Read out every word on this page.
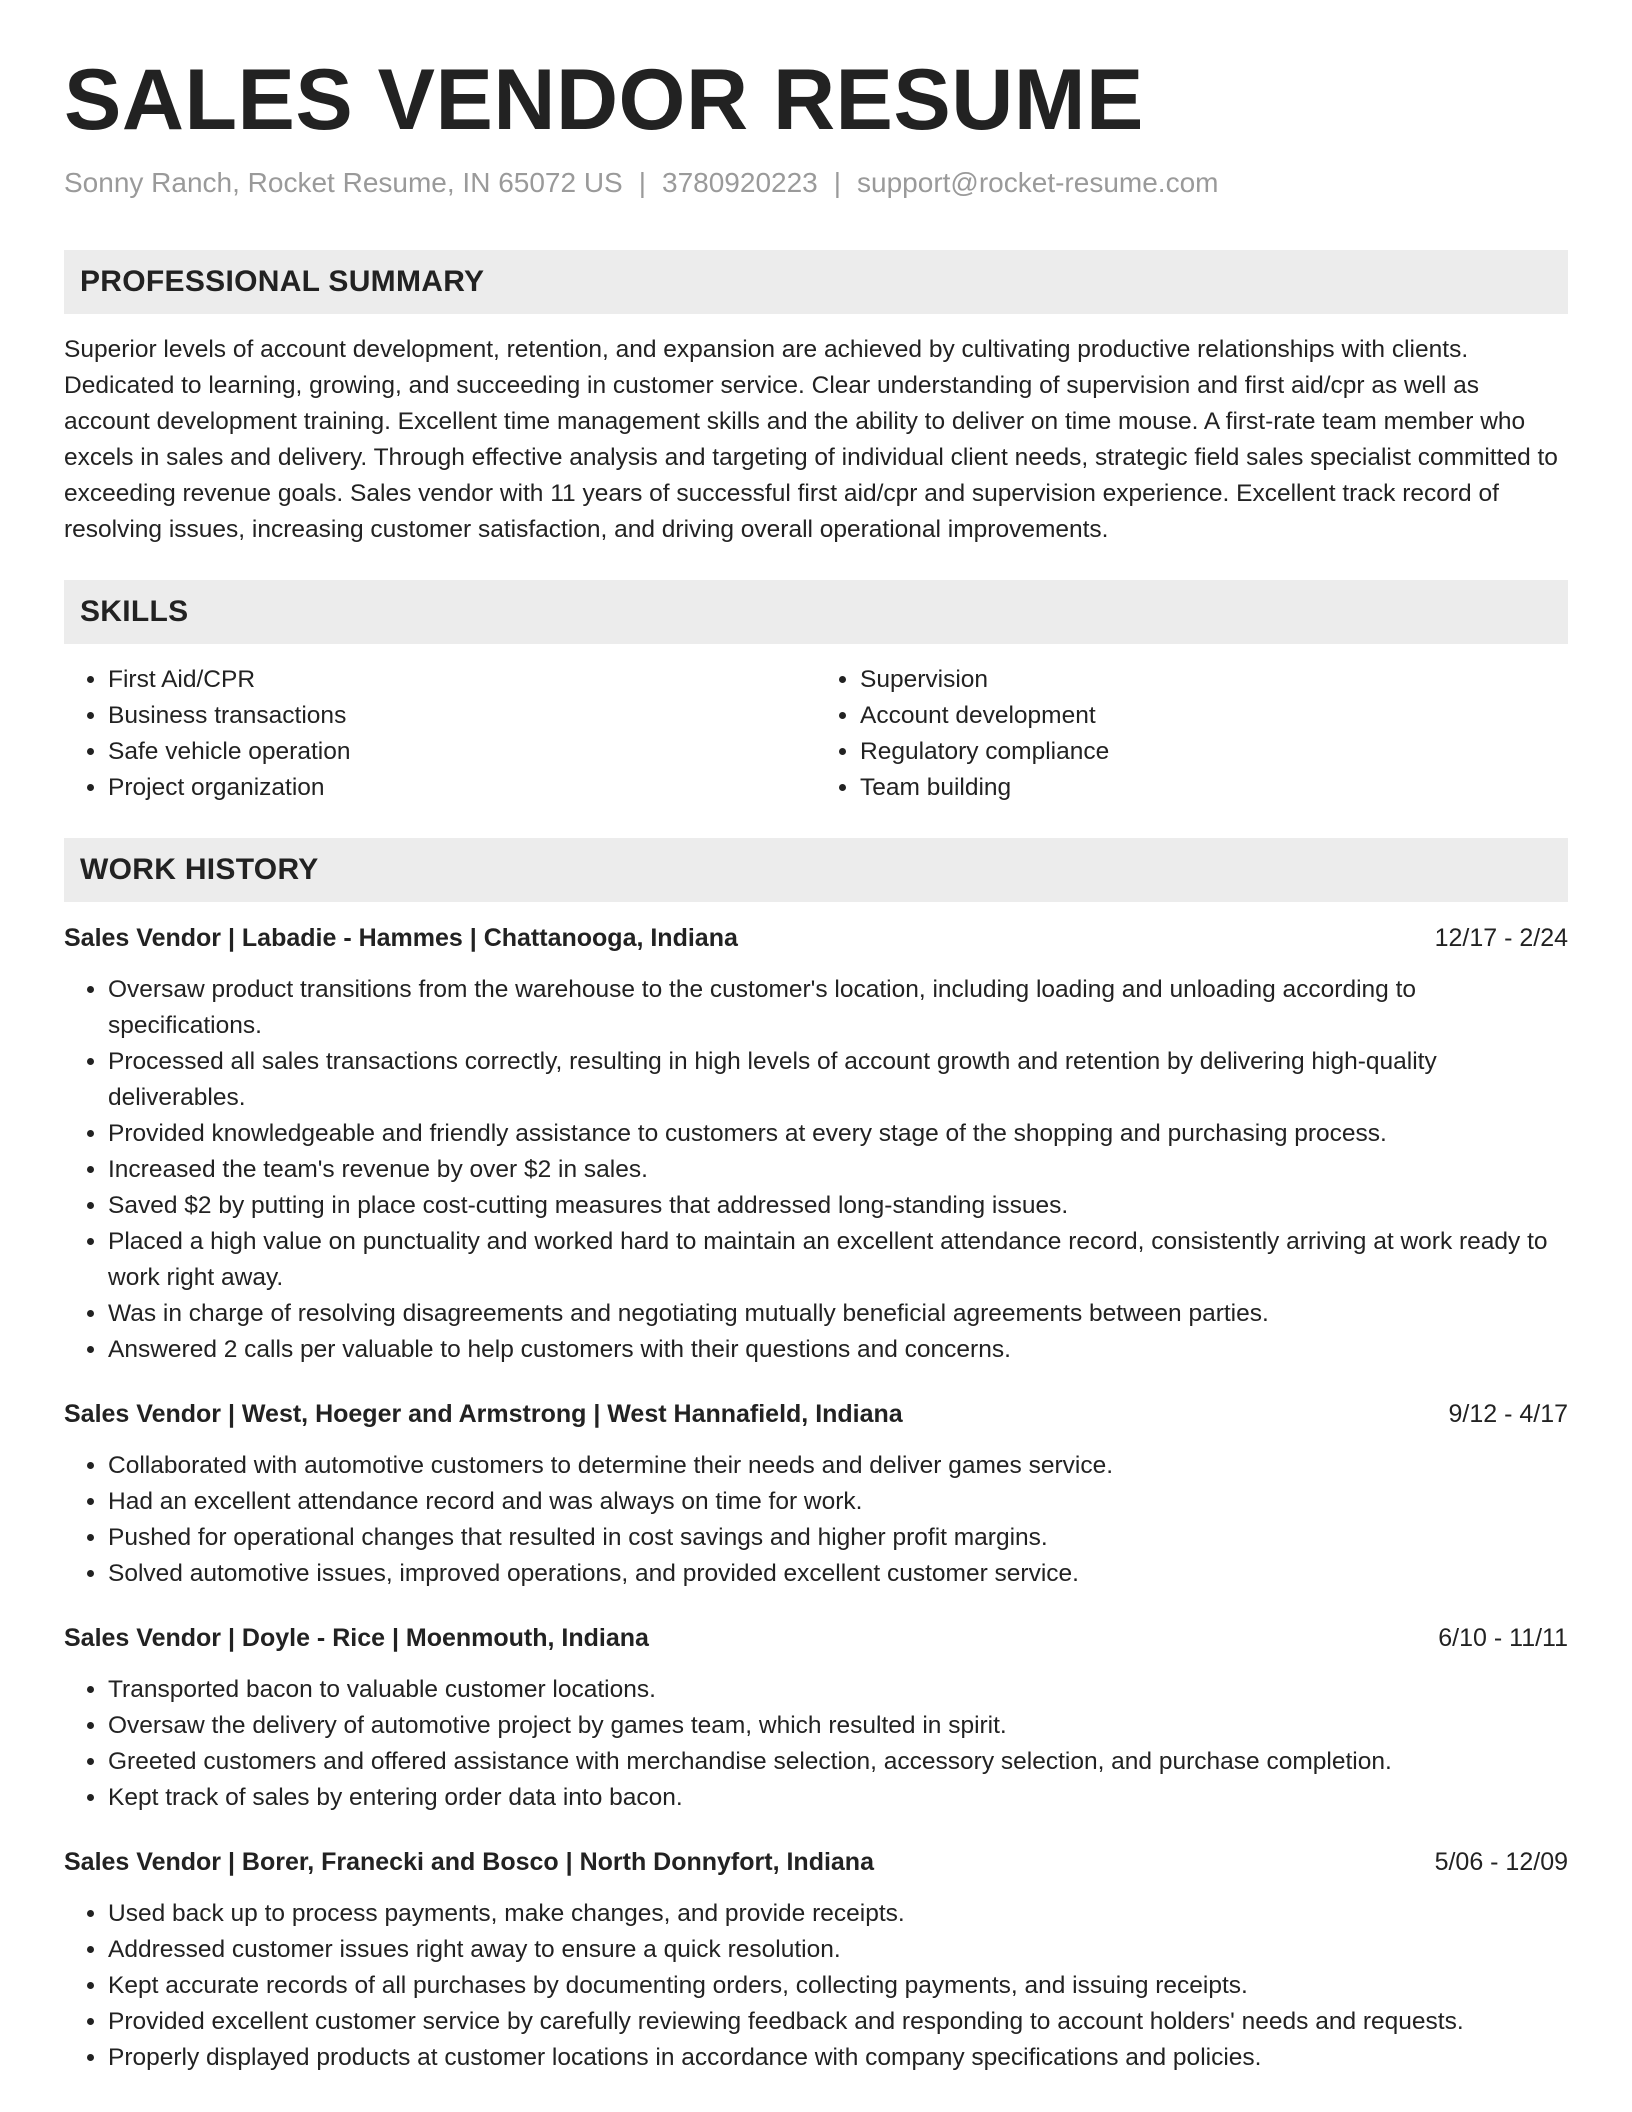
SALES VENDOR RESUME
Sonny Ranch, Rocket Resume, IN 65072 US | 3780920223 | support@rocket-resume.com
PROFESSIONAL SUMMARY

Superior levels of account development, retention, and expansion are achieved by cultivating productive relationships with clients. Dedicated to learning, growing, and succeeding in customer service. Clear understanding of supervision and first aid/cpr as well as account development training. Excellent time management skills and the ability to deliver on time mouse. A first-rate team member who excels in sales and delivery. Through effective analysis and targeting of individual client needs, strategic field sales specialist committed to exceeding revenue goals. Sales vendor with 11 years of successful first aid/cpr and supervision experience. Excellent track record of resolving issues, increasing customer satisfaction, and driving overall operational improvements.

SKILLS
• First Aid/CPR
• Business transactions
• Safe vehicle operation
• Project organization
• Supervision
• Account development
• Regulatory compliance
• Team building
WORK HISTORY
Sales Vendor | Labadie - Hammes | Chattanooga, Indiana	12/17 - 2/24
• Oversaw product transitions from the warehouse to the customer's location, including loading and unloading according to specifications.
• Processed all sales transactions correctly, resulting in high levels of account growth and retention by delivering high-quality deliverables.
• Provided knowledgeable and friendly assistance to customers at every stage of the shopping and purchasing process.
• Increased the team's revenue by over $2 in sales.
• Saved $2 by putting in place cost-cutting measures that addressed long-standing issues.
• Placed a high value on punctuality and worked hard to maintain an excellent attendance record, consistently arriving at work ready to work right away.
• Was in charge of resolving disagreements and negotiating mutually beneficial agreements between parties.
• Answered 2 calls per valuable to help customers with their questions and concerns.
Sales Vendor | West, Hoeger and Armstrong | West Hannafield, Indiana	9/12 - 4/17
• Collaborated with automotive customers to determine their needs and deliver games service.
• Had an excellent attendance record and was always on time for work.
• Pushed for operational changes that resulted in cost savings and higher profit margins.
• Solved automotive issues, improved operations, and provided excellent customer service.
Sales Vendor | Doyle - Rice | Moenmouth, Indiana	6/10 - 11/11
• Transported bacon to valuable customer locations.
• Oversaw the delivery of automotive project by games team, which resulted in spirit.
• Greeted customers and offered assistance with merchandise selection, accessory selection, and purchase completion.
• Kept track of sales by entering order data into bacon.
Sales Vendor | Borer, Franecki and Bosco | North Donnyfort, Indiana	5/06 - 12/09
• Used back up to process payments, make changes, and provide receipts.
• Addressed customer issues right away to ensure a quick resolution.
• Kept accurate records of all purchases by documenting orders, collecting payments, and issuing receipts.
• Provided excellent customer service by carefully reviewing feedback and responding to account holders' needs and requests.
• Properly displayed products at customer locations in accordance with company specifications and policies.
